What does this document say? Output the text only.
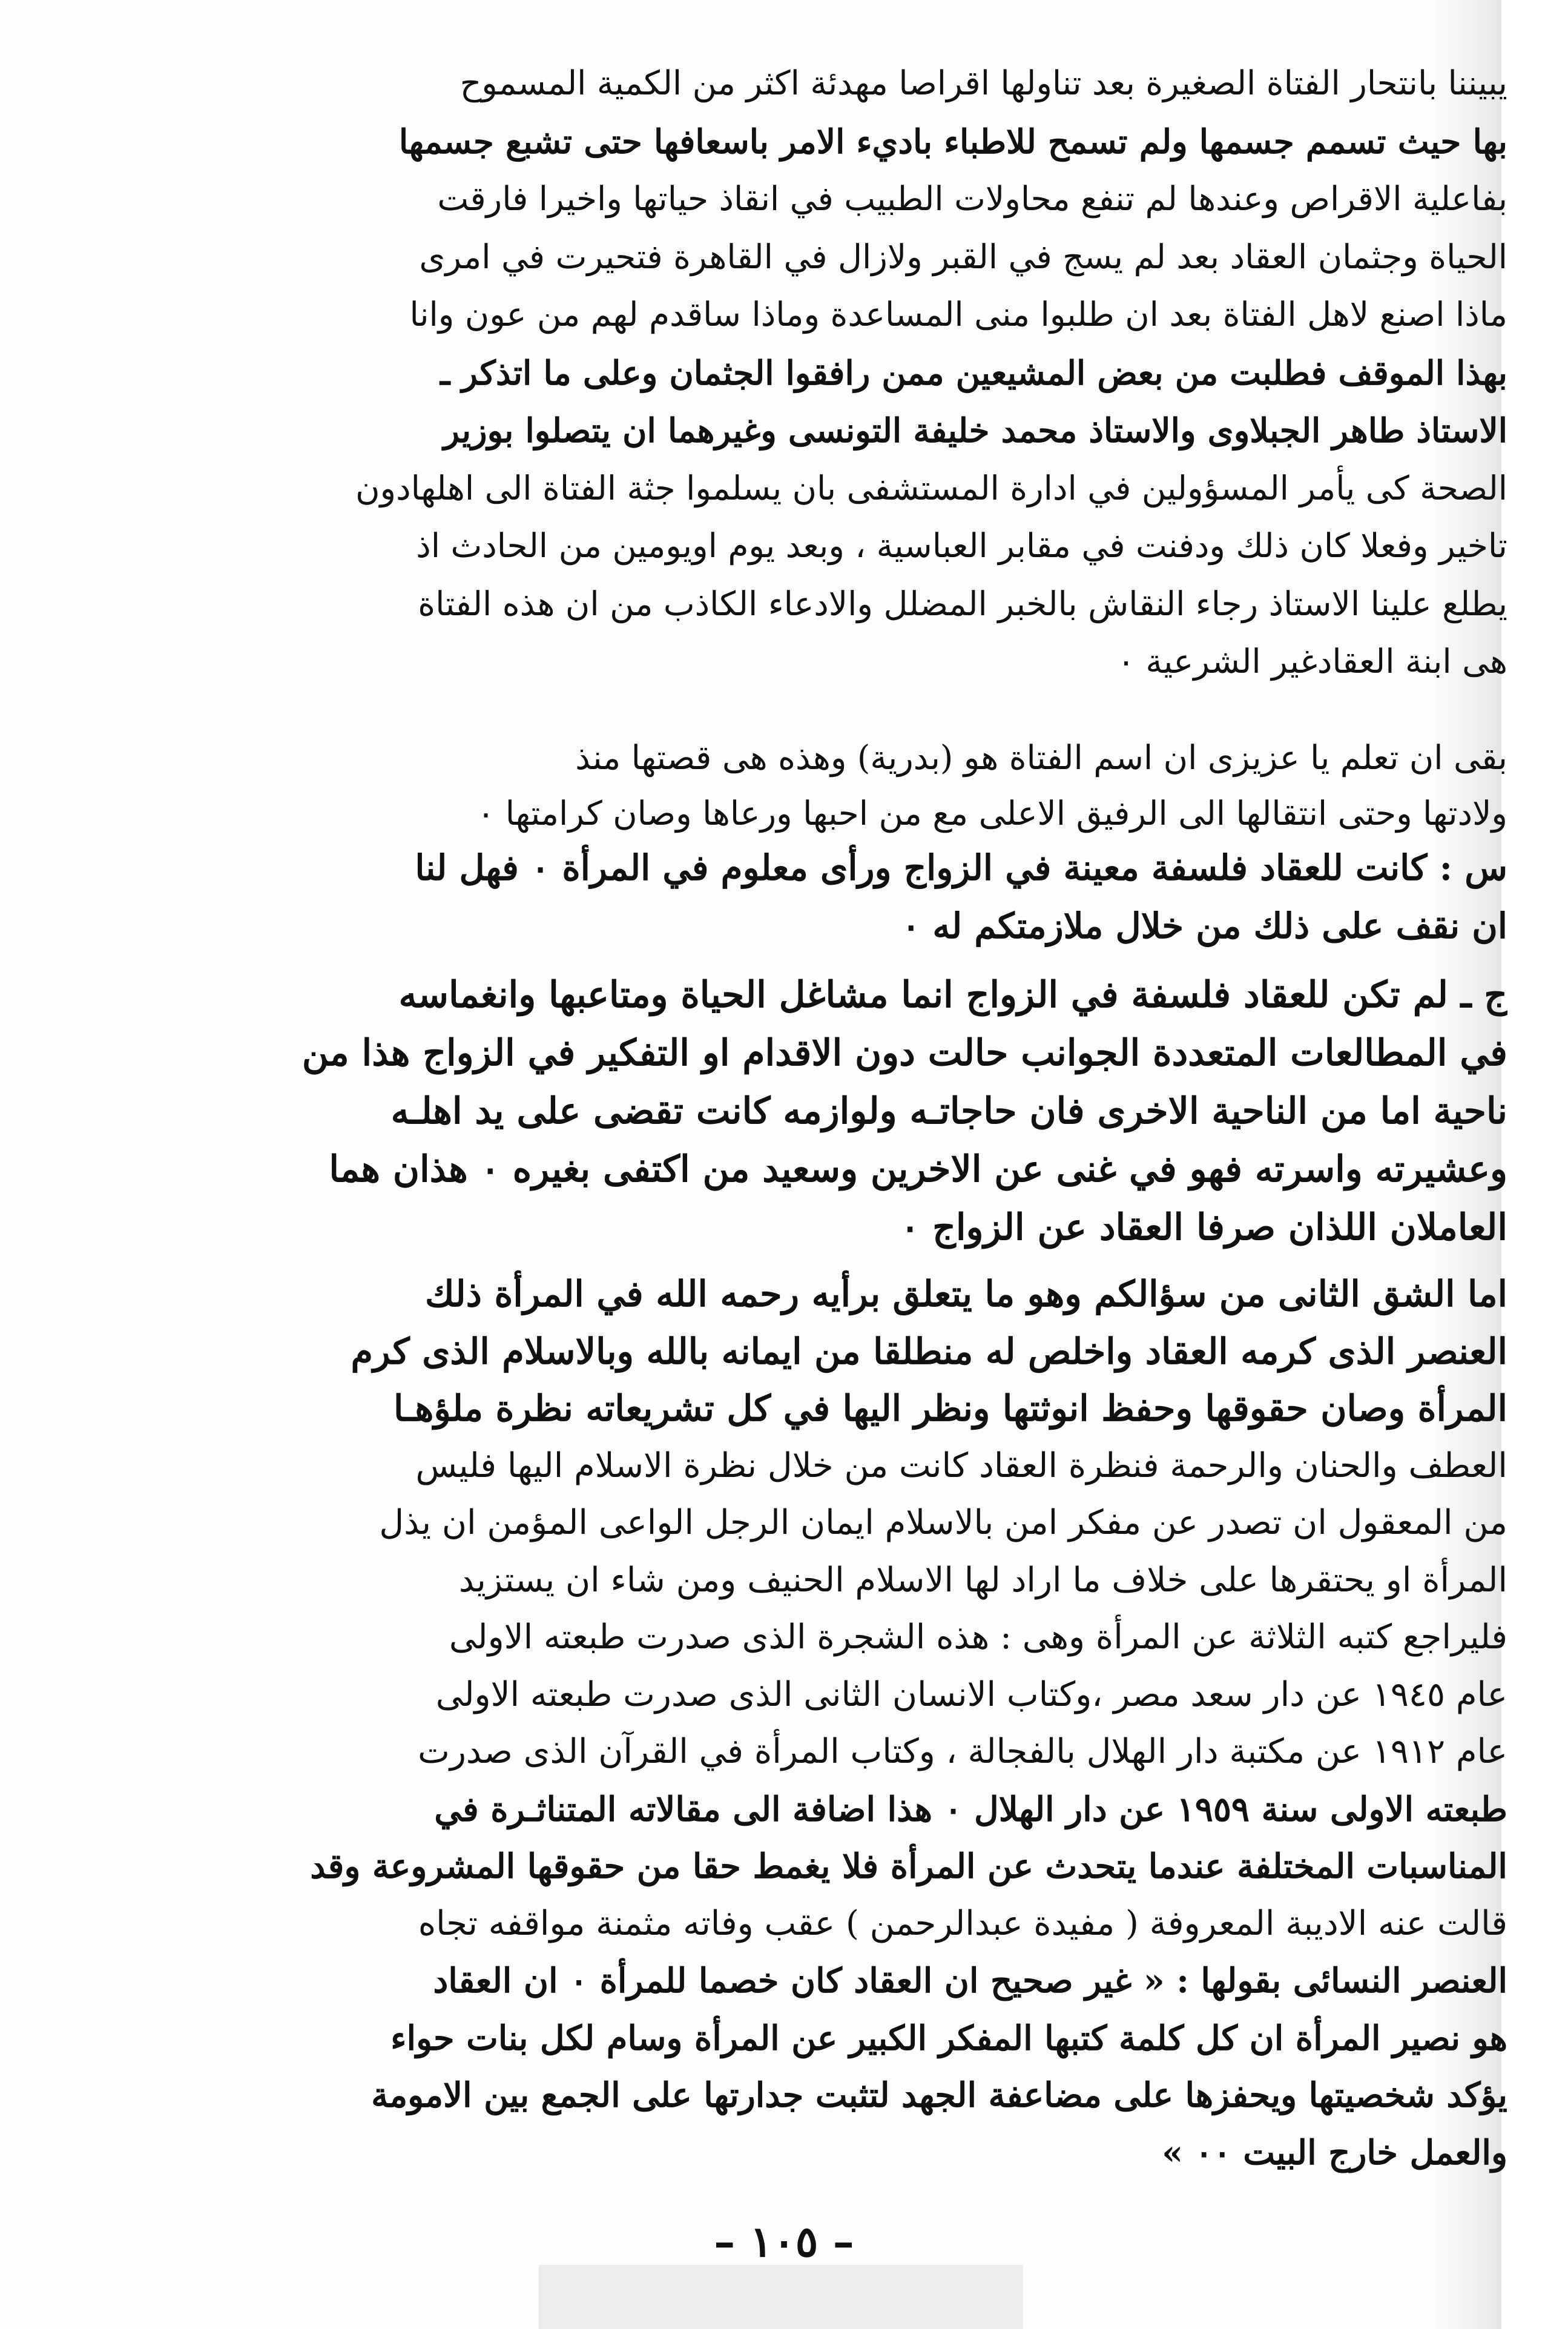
يبيننا بانتحار الفتاة الصغيرة بعد تناولها اقراصا مهدئة اكثر من الكمية المسموح
بها حيث تسمم جسمها ولم تسمح للاطباء باديء الامر باسعافها حتى تشبع جسمها
بفاعلية الاقراص وعندها لم تنفع محاولات الطبيب في انقاذ حياتها واخيرا فارقت
الحياة وجثمان العقاد بعد لم يسج في القبر ولازال في القاهرة فتحيرت في امرى
ماذا اصنع لاهل الفتاة بعد ان طلبوا منى المساعدة وماذا ساقدم لهم من عون وانا
بهذا الموقف فطلبت من بعض المشيعين ممن رافقوا الجثمان وعلى ما اتذكر ـ
الاستاذ طاهر الجبلاوى والاستاذ محمد خليفة التونسى وغيرهما ان يتصلوا بوزير
الصحة كى يأمر المسؤولين في ادارة المستشفى بان يسلموا جثة الفتاة الى اهلهادون
تاخير وفعلا كان ذلك ودفنت في مقابر العباسية ، وبعد يوم اويومين من الحادث اذ
يطلع علينا الاستاذ رجاء النقاش بالخبر المضلل والادعاء الكاذب من ان هذه الفتاة
هى ابنة العقادغير الشرعية ٠
بقى ان تعلم يا عزيزى ان اسم الفتاة هو (بدرية) وهذه هى قصتها منذ
ولادتها وحتى انتقالها الى الرفيق الاعلى مع من احبها ورعاها وصان كرامتها ٠
س : كانت للعقاد فلسفة معينة في الزواج ورأى معلوم في المرأة ٠ فهل لنا
ان نقف على ذلك من خلال ملازمتكم له ٠
ج ـ لم تكن للعقاد فلسفة في الزواج انما مشاغل الحياة ومتاعبها وانغماسه
في المطالعات المتعددة الجوانب حالت دون الاقدام او التفكير في الزواج هذا من
ناحية اما من الناحية الاخرى فان حاجاتـه ولوازمه كانت تقضى على يد اهلـه
وعشيرته واسرته فهو في غنى عن الاخرين وسعيد من اكتفى بغيره ٠ هذان هما
العاملان اللذان صرفا العقاد عن الزواج ٠
اما الشق الثانى من سؤالكم وهو ما يتعلق برأيه رحمه الله في المرأة ذلك
العنصر الذى كرمه العقاد واخلص له منطلقا من ايمانه بالله وبالاسلام الذى كرم
المرأة وصان حقوقها وحفظ انوثتها ونظر اليها في كل تشريعاته نظرة ملؤهـا
العطف والحنان والرحمة فنظرة العقاد كانت من خلال نظرة الاسلام اليها فليس
من المعقول ان تصدر عن مفكر امن بالاسلام ايمان الرجل الواعى المؤمن ان يذل
المرأة او يحتقرها على خلاف ما اراد لها الاسلام الحنيف ومن شاء ان يستزيد
فليراجع كتبه الثلاثة عن المرأة وهى : هذه الشجرة الذى صدرت طبعته الاولى
عام ١٩٤٥ عن دار سعد مصر ،وكتاب الانسان الثانى الذى صدرت طبعته الاولى
عام ١٩١٢ عن مكتبة دار الهلال بالفجالة ، وكتاب المرأة في القرآن الذى صدرت
طبعته الاولى سنة ١٩٥٩ عن دار الهلال ٠ هذا اضافة الى مقالاته المتناثـرة في
المناسبات المختلفة عندما يتحدث عن المرأة فلا يغمط حقا من حقوقها المشروعة وقد
قالت عنه الاديبة المعروفة ( مفيدة عبدالرحمن ) عقب وفاته مثمنة مواقفه تجاه
العنصر النسائى بقولها : « غير صحيح ان العقاد كان خصما للمرأة ٠ ان العقاد
هو نصير المرأة ان كل كلمة كتبها المفكر الكبير عن المرأة وسام لكل بنات حواء
يؤكد شخصيتها ويحفزها على مضاعفة الجهد لتثبت جدارتها على الجمع بين الامومة
والعمل خارج البيت ٠٠ »
– ١٠٥ –
